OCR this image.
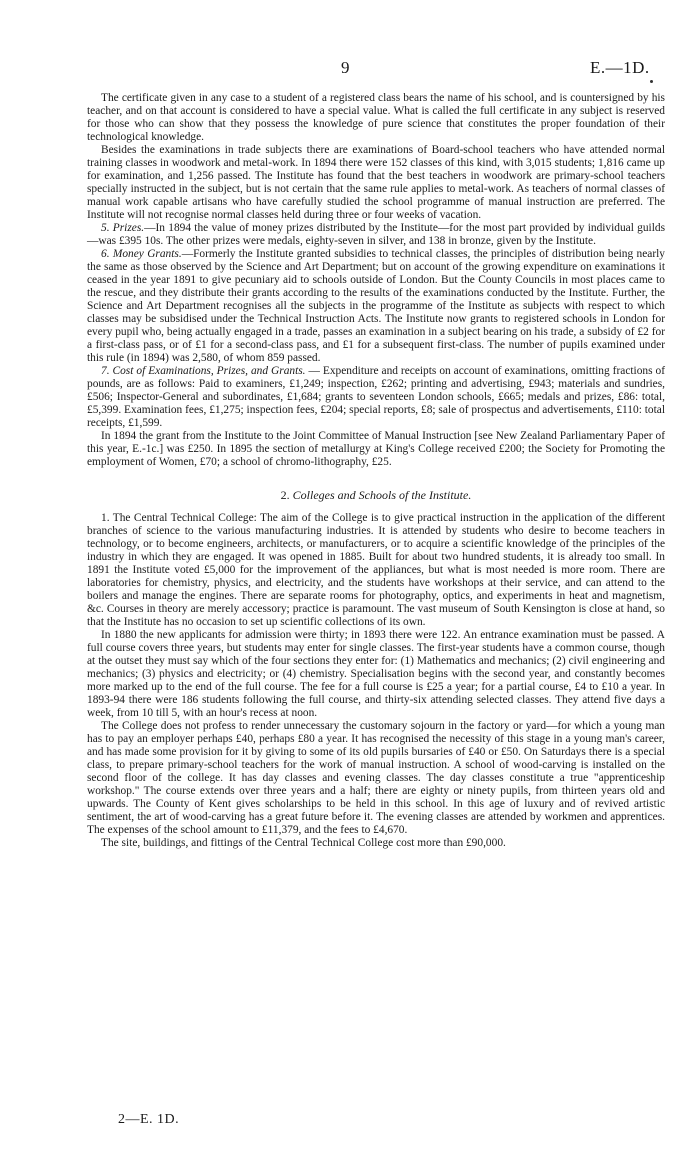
9	E.—1D.

The certificate given in any case to a student of a registered class bears the name of his school, and is countersigned by his teacher, and on that account is considered to have a special value. What is called the full certificate in any subject is reserved for those who can show that they possess the knowledge of pure science that constitutes the proper foundation of their technological knowledge.

Besides the examinations in trade subjects there are examinations of Board-school teachers who have attended normal training classes in woodwork and metal-work. In 1894 there were 152 classes of this kind, with 3,015 students; 1,816 came up for examination, and 1,256 passed. The Institute has found that the best teachers in woodwork are primary-school teachers specially instructed in the subject, but is not certain that the same rule applies to metal-work. As teachers of normal classes of manual work capable artisans who have carefully studied the school programme of manual instruction are preferred. The Institute will not recognise normal classes held during three or four weeks of vacation.

5. Prizes.—In 1894 the value of money prizes distributed by the Institute—for the most part provided by individual guilds—was £395 10s. The other prizes were medals, eighty-seven in silver, and 138 in bronze, given by the Institute.

6. Money Grants.—Formerly the Institute granted subsidies to technical classes, the principles of distribution being nearly the same as those observed by the Science and Art Department; but on account of the growing expenditure on examinations it ceased in the year 1891 to give pecuniary aid to schools outside of London. But the County Councils in most places came to the rescue, and they distribute their grants according to the results of the examinations conducted by the Institute. Further, the Science and Art Department recognises all the subjects in the programme of the Institute as subjects with respect to which classes may be subsidised under the Technical Instruction Acts. The Institute now grants to registered schools in London for every pupil who, being actually engaged in a trade, passes an examination in a subject bearing on his trade, a subsidy of £2 for a first-class pass, or of £1 for a second-class pass, and £1 for a subsequent first-class. The number of pupils examined under this rule (in 1894) was 2,580, of whom 859 passed.

7. Cost of Examinations, Prizes, and Grants. — Expenditure and receipts on account of examinations, omitting fractions of pounds, are as follows: Paid to examiners, £1,249; inspection, £262; printing and advertising, £943; materials and sundries, £506; Inspector-General and subordinates, £1,684; grants to seventeen London schools, £665; medals and prizes, £86: total, £5,399. Examination fees, £1,275; inspection fees, £204; special reports, £8; sale of prospectus and advertisements, £110: total receipts, £1,599.

In 1894 the grant from the Institute to the Joint Committee of Manual Instruction [see New Zealand Parliamentary Paper of this year, E.-1c.] was £250. In 1895 the section of metallurgy at King's College received £200; the Society for Promoting the employment of Women, £70; a school of chromo-lithography, £25.

2. Colleges and Schools of the Institute.

1. The Central Technical College: The aim of the College is to give practical instruction in the application of the different branches of science to the various manufacturing industries. It is attended by students who desire to become teachers in technology, or to become engineers, architects, or manufacturers, or to acquire a scientific knowledge of the principles of the industry in which they are engaged. It was opened in 1885. Built for about two hundred students, it is already too small. In 1891 the Institute voted £5,000 for the improvement of the appliances, but what is most needed is more room. There are laboratories for chemistry, physics, and electricity, and the students have workshops at their service, and can attend to the boilers and manage the engines. There are separate rooms for photography, optics, and experiments in heat and magnetism, &c. Courses in theory are merely accessory; practice is paramount. The vast museum of South Kensington is close at hand, so that the Institute has no occasion to set up scientific collections of its own.

In 1880 the new applicants for admission were thirty; in 1893 there were 122. An entrance examination must be passed. A full course covers three years, but students may enter for single classes. The first-year students have a common course, though at the outset they must say which of the four sections they enter for: (1) Mathematics and mechanics; (2) civil engineering and mechanics; (3) physics and electricity; or (4) chemistry. Specialisation begins with the second year, and constantly becomes more marked up to the end of the full course. The fee for a full course is £25 a year; for a partial course, £4 to £10 a year. In 1893-94 there were 186 students following the full course, and thirty-six attending selected classes. They attend five days a week, from 10 till 5, with an hour's recess at noon.

The College does not profess to render unnecessary the customary sojourn in the factory or yard—for which a young man has to pay an employer perhaps £40, perhaps £80 a year. It has recognised the necessity of this stage in a young man's career, and has made some provision for it by giving to some of its old pupils bursaries of £40 or £50. On Saturdays there is a special class, to prepare primary-school teachers for the work of manual instruction. A school of wood-carving is installed on the second floor of the college. It has day classes and evening classes. The day classes constitute a true "apprenticeship workshop." The course extends over three years and a half; there are eighty or ninety pupils, from thirteen years old and upwards. The County of Kent gives scholarships to be held in this school. In this age of luxury and of revived artistic sentiment, the art of wood-carving has a great future before it. The evening classes are attended by workmen and apprentices. The expenses of the school amount to £11,379, and the fees to £4,670.

The site, buildings, and fittings of the Central Technical College cost more than £90,000.

2—E. 1D.
